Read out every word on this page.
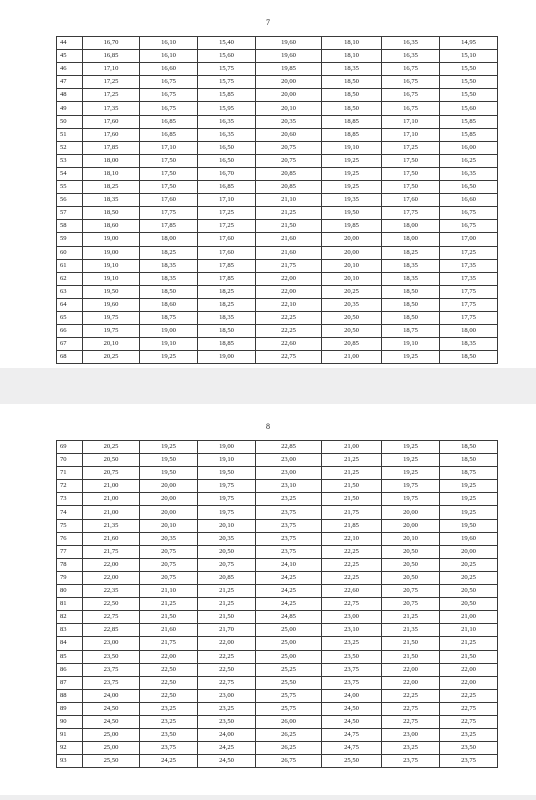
7
44	16,70	16,10	15,40	19,60	18,10	16,35	14,95
45	16,85	16,10	15,60	19,60	18,10	16,35	15,10
46	17,10	16,60	15,75	19,85	18,35	16,75	15,50
47	17,25	16,75	15,75	20,00	18,50	16,75	15,50
48	17,25	16,75	15,85	20,00	18,50	16,75	15,50
49	17,35	16,75	15,95	20,10	18,50	16,75	15,60
50	17,60	16,85	16,35	20,35	18,85	17,10	15,85
51	17,60	16,85	16,35	20,60	18,85	17,10	15,85
52	17,85	17,10	16,50	20,75	19,10	17,25	16,00
53	18,00	17,50	16,50	20,75	19,25	17,50	16,25
54	18,10	17,50	16,70	20,85	19,25	17,50	16,35
55	18,25	17,50	16,85	20,85	19,25	17,50	16,50
56	18,35	17,60	17,10	21,10	19,35	17,60	16,60
57	18,50	17,75	17,25	21,25	19,50	17,75	16,75
58	18,60	17,85	17,25	21,50	19,85	18,00	16,75
59	19,00	18,00	17,60	21,60	20,00	18,00	17,00
60	19,00	18,25	17,60	21,60	20,00	18,25	17,25
61	19,10	18,35	17,85	21,75	20,10	18,35	17,35
62	19,10	18,35	17,85	22,00	20,10	18,35	17,35
63	19,50	18,50	18,25	22,00	20,25	18,50	17,75
64	19,60	18,60	18,25	22,10	20,35	18,50	17,75
65	19,75	18,75	18,35	22,25	20,50	18,50	17,75
66	19,75	19,00	18,50	22,25	20,50	18,75	18,00
67	20,10	19,10	18,85	22,60	20,85	19,10	18,35
68	20,25	19,25	19,00	22,75	21,00	19,25	18,50
8
69	20,25	19,25	19,00	22,85	21,00	19,25	18,50
70	20,50	19,50	19,10	23,00	21,25	19,25	18,50
71	20,75	19,50	19,50	23,00	21,25	19,25	18,75
72	21,00	20,00	19,75	23,10	21,50	19,75	19,25
73	21,00	20,00	19,75	23,25	21,50	19,75	19,25
74	21,00	20,00	19,75	23,75	21,75	20,00	19,25
75	21,35	20,10	20,10	23,75	21,85	20,00	19,50
76	21,60	20,35	20,35	23,75	22,10	20,10	19,60
77	21,75	20,75	20,50	23,75	22,25	20,50	20,00
78	22,00	20,75	20,75	24,10	22,25	20,50	20,25
79	22,00	20,75	20,85	24,25	22,25	20,50	20,25
80	22,35	21,10	21,25	24,25	22,60	20,75	20,50
81	22,50	21,25	21,25	24,25	22,75	20,75	20,50
82	22,75	21,50	21,50	24,85	23,00	21,25	21,00
83	22,85	21,60	21,70	25,00	23,10	21,35	21,10
84	23,00	21,75	22,00	25,00	23,25	21,50	21,25
85	23,50	22,00	22,25	25,00	23,50	21,50	21,50
86	23,75	22,50	22,50	25,25	23,75	22,00	22,00
87	23,75	22,50	22,75	25,50	23,75	22,00	22,00
88	24,00	22,50	23,00	25,75	24,00	22,25	22,25
89	24,50	23,25	23,25	25,75	24,50	22,75	22,75
90	24,50	23,25	23,50	26,00	24,50	22,75	22,75
91	25,00	23,50	24,00	26,25	24,75	23,00	23,25
92	25,00	23,75	24,25	26,25	24,75	23,25	23,50
93	25,50	24,25	24,50	26,75	25,50	23,75	23,75
